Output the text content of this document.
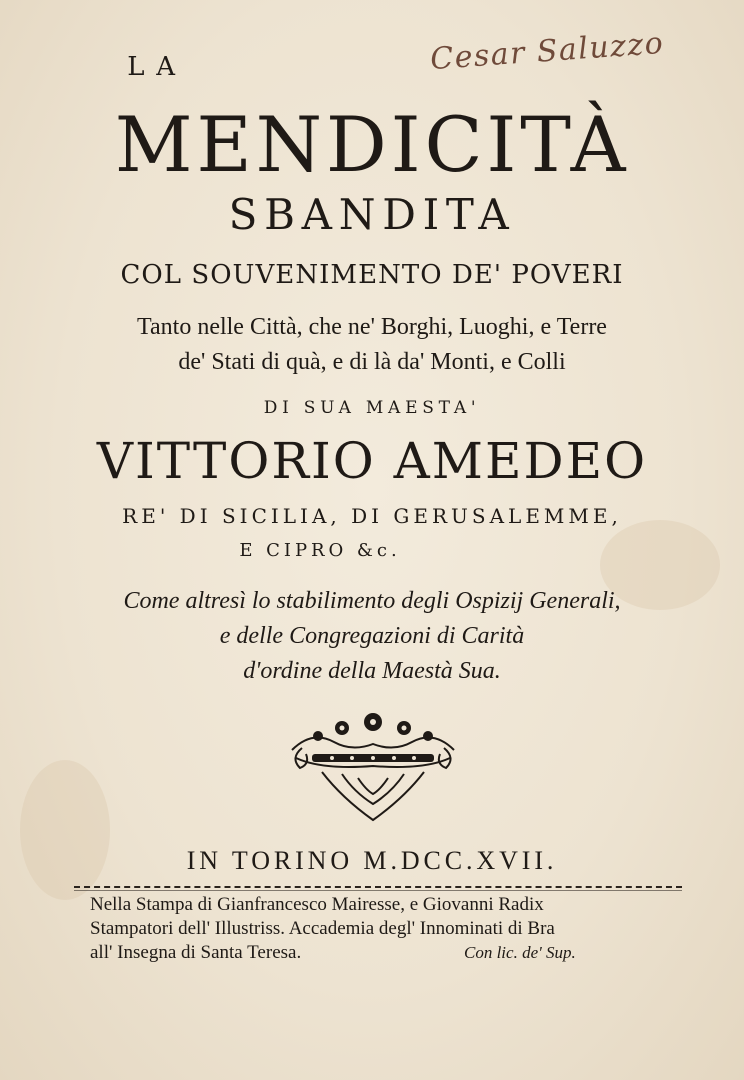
Cesar Saluzzo
LA
MENDICITÀ
SBANDITA
COL SOUVENIMENTO DE' POVERI
Tanto nelle Città, che ne' Borghi, Luoghi, e Terre
de' Stati di quà, e di là da' Monti, e Colli
DI SUA MAESTA'
VITTORIO AMEDEO
RE' DI SICILIA, DI GERUSALEMME,
E CIPRO &c.
Come altresì lo stabilimento degli Ospizij Generali,
e delle Congregazioni di Carità
d'ordine della Maestà Sua.
IN TORINO M.DCC.XVII.
Nella Stampa di Gianfrancesco Mairesse, e Giovanni Radix
Stampatori dell' Illustriss. Accademia degl' Innominati di Bra
all' Insegna di Santa Teresa.	Con lic. de' Sup.
